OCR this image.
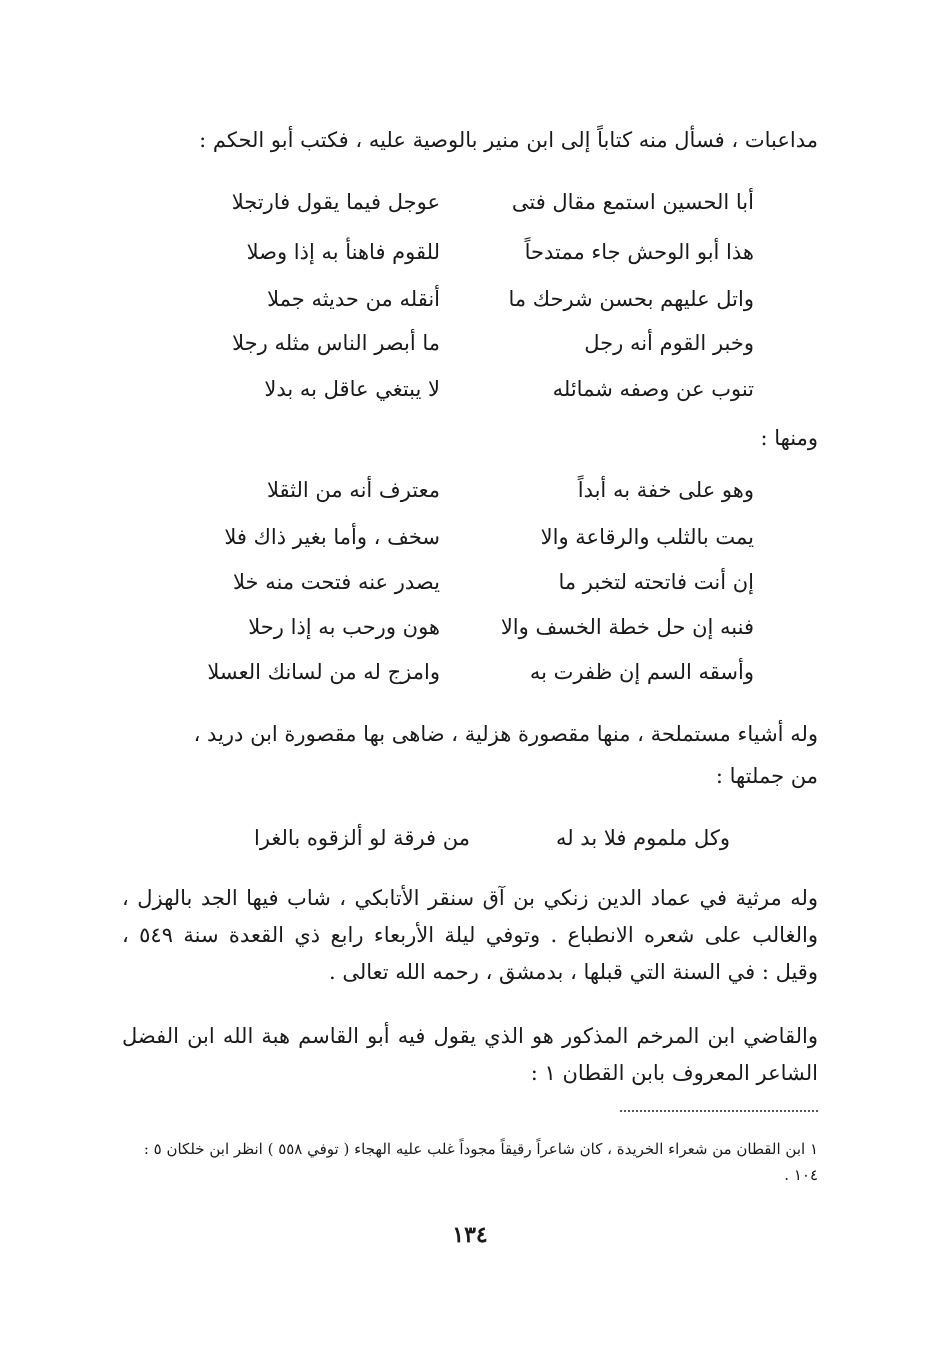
مداعبات ، فسأل منه كتاباً إلى ابن منير بالوصية عليه ، فكتب أبو الحكم :
أبا الحسين استمع مقال فتى
عوجل فيما يقول فارتجلا
هذا أبو الوحش جاء ممتدحاً
للقوم فاهنأ به إذا وصلا
واتل عليهم بحسن شرحك ما
أنقله من حديثه جملا
وخبر القوم أنه رجل
ما أبصر الناس مثله رجلا
تنوب عن وصفه شمائله
لا يبتغي عاقل به بدلا
ومنها :
وهو على خفة به أبداً
معترف أنه من الثقلا
يمت بالثلب والرقاعة والا
سخف ، وأما بغير ذاك فلا
إن أنت فاتحته لتخبر ما
يصدر عنه فتحت منه خلا
فنبه إن حل خطة الخسف والا
هون ورحب به إذا رحلا
وأسقه السم إن ظفرت به
وامزج له من لسانك العسلا
وله أشياء مستملحة ، منها مقصورة هزلية ، ضاهى بها مقصورة ابن دريد ،
من جملتها :
وكل ملموم فلا بد له
من فرقة لو ألزقوه بالغرا
وله مرثية في عماد الدين زنكي بن آق سنقر الأتابكي ، شاب فيها الجد بالهزل ، والغالب على شعره الانطباع . وتوفي ليلة الأربعاء رابع ذي القعدة سنة ٥٤٩ ، وقيل : في السنة التي قبلها ، بدمشق ، رحمه الله تعالى .
والقاضي ابن المرخم المذكور هو الذي يقول فيه أبو القاسم هبة الله ابن الفضل الشاعر المعروف بابن القطان ١ :
١ ابن القطان من شعراء الخريدة ، كان شاعراً رقيقاً مجوداً غلب عليه الهجاء ( توفي ٥٥٨ ) انظر ابن خلكان ٥ : ١٠٤ .
١٣٤
